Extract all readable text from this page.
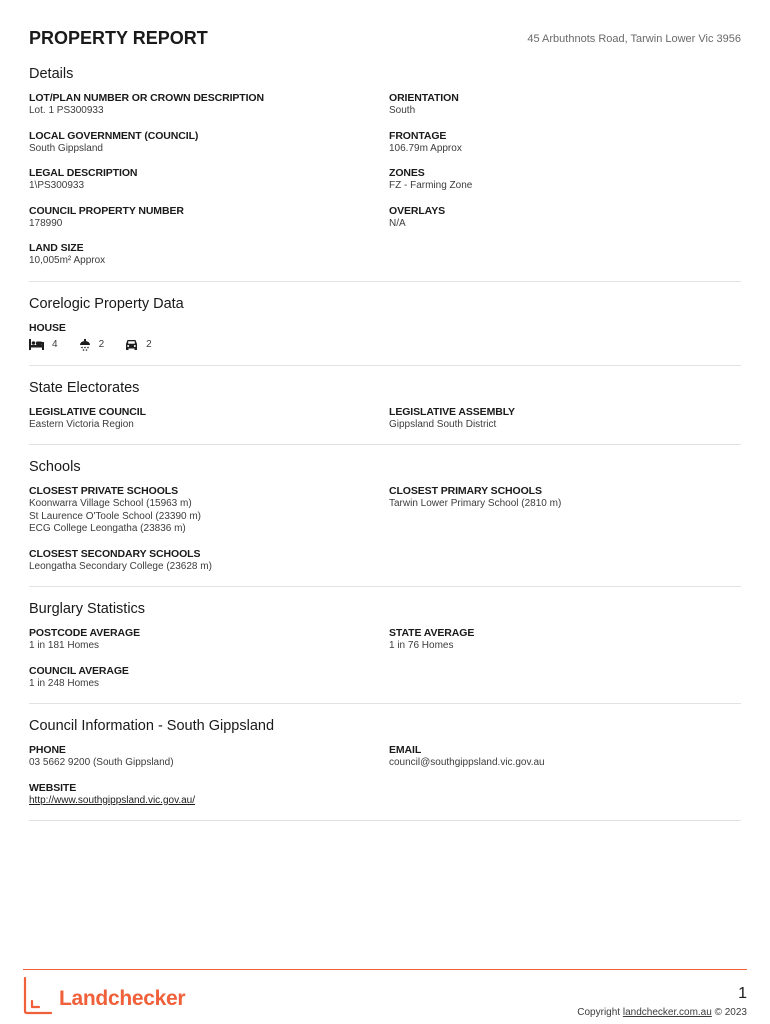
PROPERTY REPORT	45 Arbuthnots Road, Tarwin Lower Vic 3956
Details
LOT/PLAN NUMBER OR CROWN DESCRIPTION
Lot. 1 PS300933
ORIENTATION
South
LOCAL GOVERNMENT (COUNCIL)
South Gippsland
FRONTAGE
106.79m Approx
LEGAL DESCRIPTION
1\PS300933
ZONES
FZ - Farming Zone
COUNCIL PROPERTY NUMBER
178990
OVERLAYS
N/A
LAND SIZE
10,005m² Approx
Corelogic Property Data
HOUSE
4	2	2
State Electorates
LEGISLATIVE COUNCIL
Eastern Victoria Region
LEGISLATIVE ASSEMBLY
Gippsland South District
Schools
CLOSEST PRIVATE SCHOOLS
Koonwarra Village School (15963 m)
St Laurence O'Toole School (23390 m)
ECG College Leongatha (23836 m)
CLOSEST PRIMARY SCHOOLS
Tarwin Lower Primary School (2810 m)
CLOSEST SECONDARY SCHOOLS
Leongatha Secondary College (23628 m)
Burglary Statistics
POSTCODE AVERAGE
1 in 181 Homes
STATE AVERAGE
1 in 76 Homes
COUNCIL AVERAGE
1 in 248 Homes
Council Information - South Gippsland
PHONE
03 5662 9200 (South Gippsland)
EMAIL
council@southgippsland.vic.gov.au
WEBSITE
http://www.southgippsland.vic.gov.au/
Landchecker	1
Copyright landchecker.com.au © 2023
